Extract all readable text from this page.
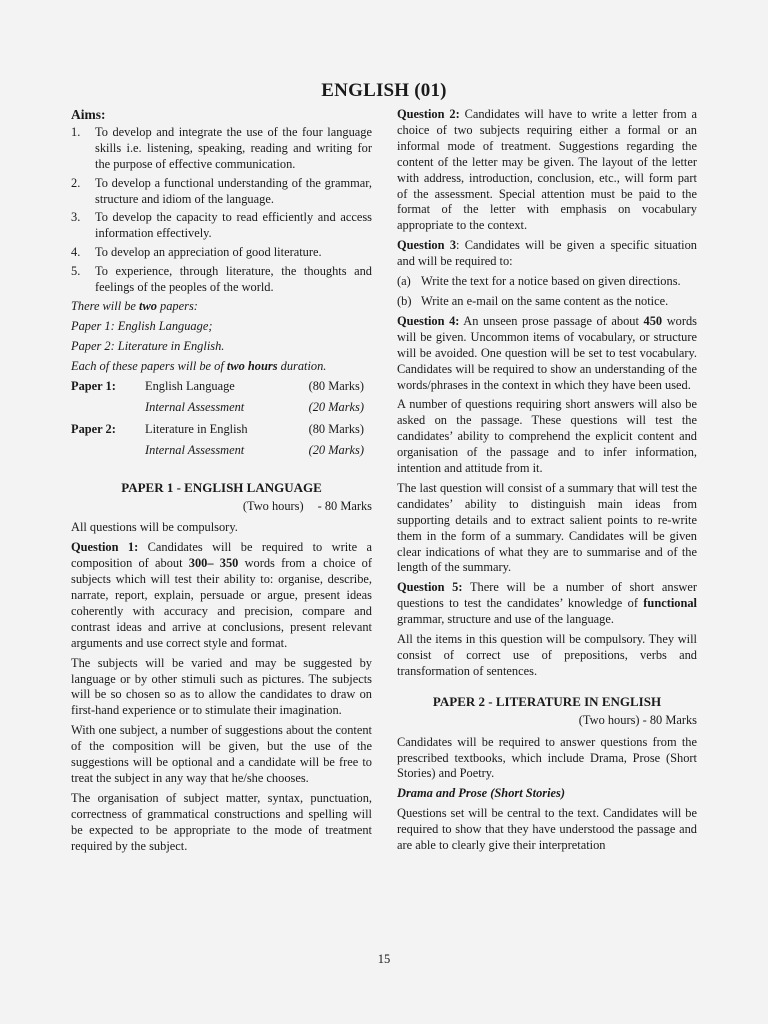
ENGLISH (01)
Aims:
1.	To develop and integrate the use of the four language skills i.e. listening, speaking, reading and writing for the purpose of effective communication.
2.	To develop a functional understanding of the grammar, structure and idiom of the language.
3.	To develop the capacity to read efficiently and access information effectively.
4.	To develop an appreciation of good literature.
5.	To experience, through literature, the thoughts and feelings of the peoples of the world.

There will be two papers:

Paper 1: English Language;

Paper 2: Literature in English.

Each of these papers will be of two hours duration.

Paper 1:	English Language	(80 Marks)
	Internal Assessment	(20 Marks)
Paper 2:	Literature in English	(80 Marks)
	Internal Assessment	(20 Marks)
PAPER 1 - ENGLISH LANGUAGE
(Two hours) - 80 Marks

All questions will be compulsory.

Question 1: Candidates will be required to write a composition of about 300– 350 words from a choice of subjects which will test their ability to: organise, describe, narrate, report, explain, persuade or argue, present ideas coherently with accuracy and precision, compare and contrast ideas and arrive at conclusions, present relevant arguments and use correct style and format.

The subjects will be varied and may be suggested by language or by other stimuli such as pictures. The subjects will be so chosen so as to allow the candidates to draw on first-hand experience or to stimulate their imagination.

With one subject, a number of suggestions about the content of the composition will be given, but the use of the suggestions will be optional and a candidate will be free to treat the subject in any way that he/she chooses.

The organisation of subject matter, syntax, punctuation, correctness of grammatical constructions and spelling will be expected to be appropriate to the mode of treatment required by the subject.

Question 2: Candidates will have to write a letter from a choice of two subjects requiring either a formal or an informal mode of treatment. Suggestions regarding the content of the letter may be given. The layout of the letter with address, introduction, conclusion, etc., will form part of the assessment. Special attention must be paid to the format of the letter with emphasis on vocabulary appropriate to the context.

Question 3: Candidates will be given a specific situation and will be required to:

(a) Write the text for a notice based on given directions.
(b) Write an e-mail on the same content as the notice.

Question 4: An unseen prose passage of about 450 words will be given. Uncommon items of vocabulary, or structure will be avoided. One question will be set to test vocabulary. Candidates will be required to show an understanding of the words/phrases in the context in which they have been used.

A number of questions requiring short answers will also be asked on the passage. These questions will test the candidates’ ability to comprehend the explicit content and organisation of the passage and to infer information, intention and attitude from it.

The last question will consist of a summary that will test the candidates’ ability to distinguish main ideas from supporting details and to extract salient points to re-write them in the form of a summary. Candidates will be given clear indications of what they are to summarise and of the length of the summary.

Question 5: There will be a number of short answer questions to test the candidates’ knowledge of functional grammar, structure and use of the language.

All the items in this question will be compulsory. They will consist of correct use of prepositions, verbs and transformation of sentences.

PAPER 2 - LITERATURE IN ENGLISH
(Two hours) - 80 Marks

Candidates will be required to answer questions from the prescribed textbooks, which include Drama, Prose (Short Stories) and Poetry.

Drama and Prose (Short Stories)

Questions set will be central to the text. Candidates will be required to show that they have understood the passage and are able to clearly give their interpretation

15
